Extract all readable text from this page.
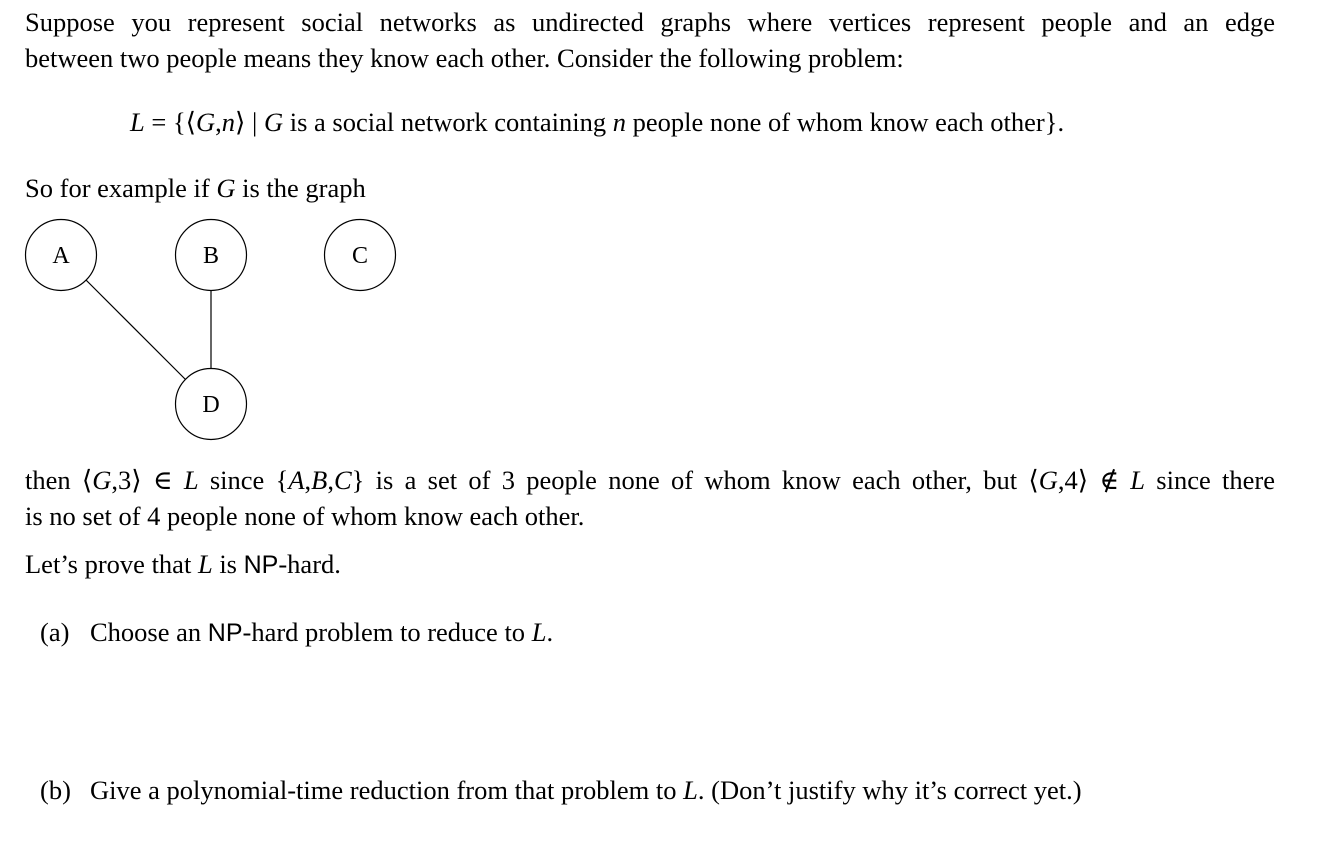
Suppose you represent social networks as undirected graphs where vertices represent people and an edge
between two people means they know each other. Consider the following problem:
L = {⟨G,n⟩ | G is a social network containing n people none of whom know each other}.
So for example if G is the graph
A	B	C
D
then ⟨G,3⟩ ∈ L since {A,B,C} is a set of 3 people none of whom know each other, but ⟨G,4⟩ ∉ L since there
is no set of 4 people none of whom know each other.
Let’s prove that L is NP-hard.
(a) Choose an NP-hard problem to reduce to L.
(b) Give a polynomial-time reduction from that problem to L. (Don’t justify why it’s correct yet.)
